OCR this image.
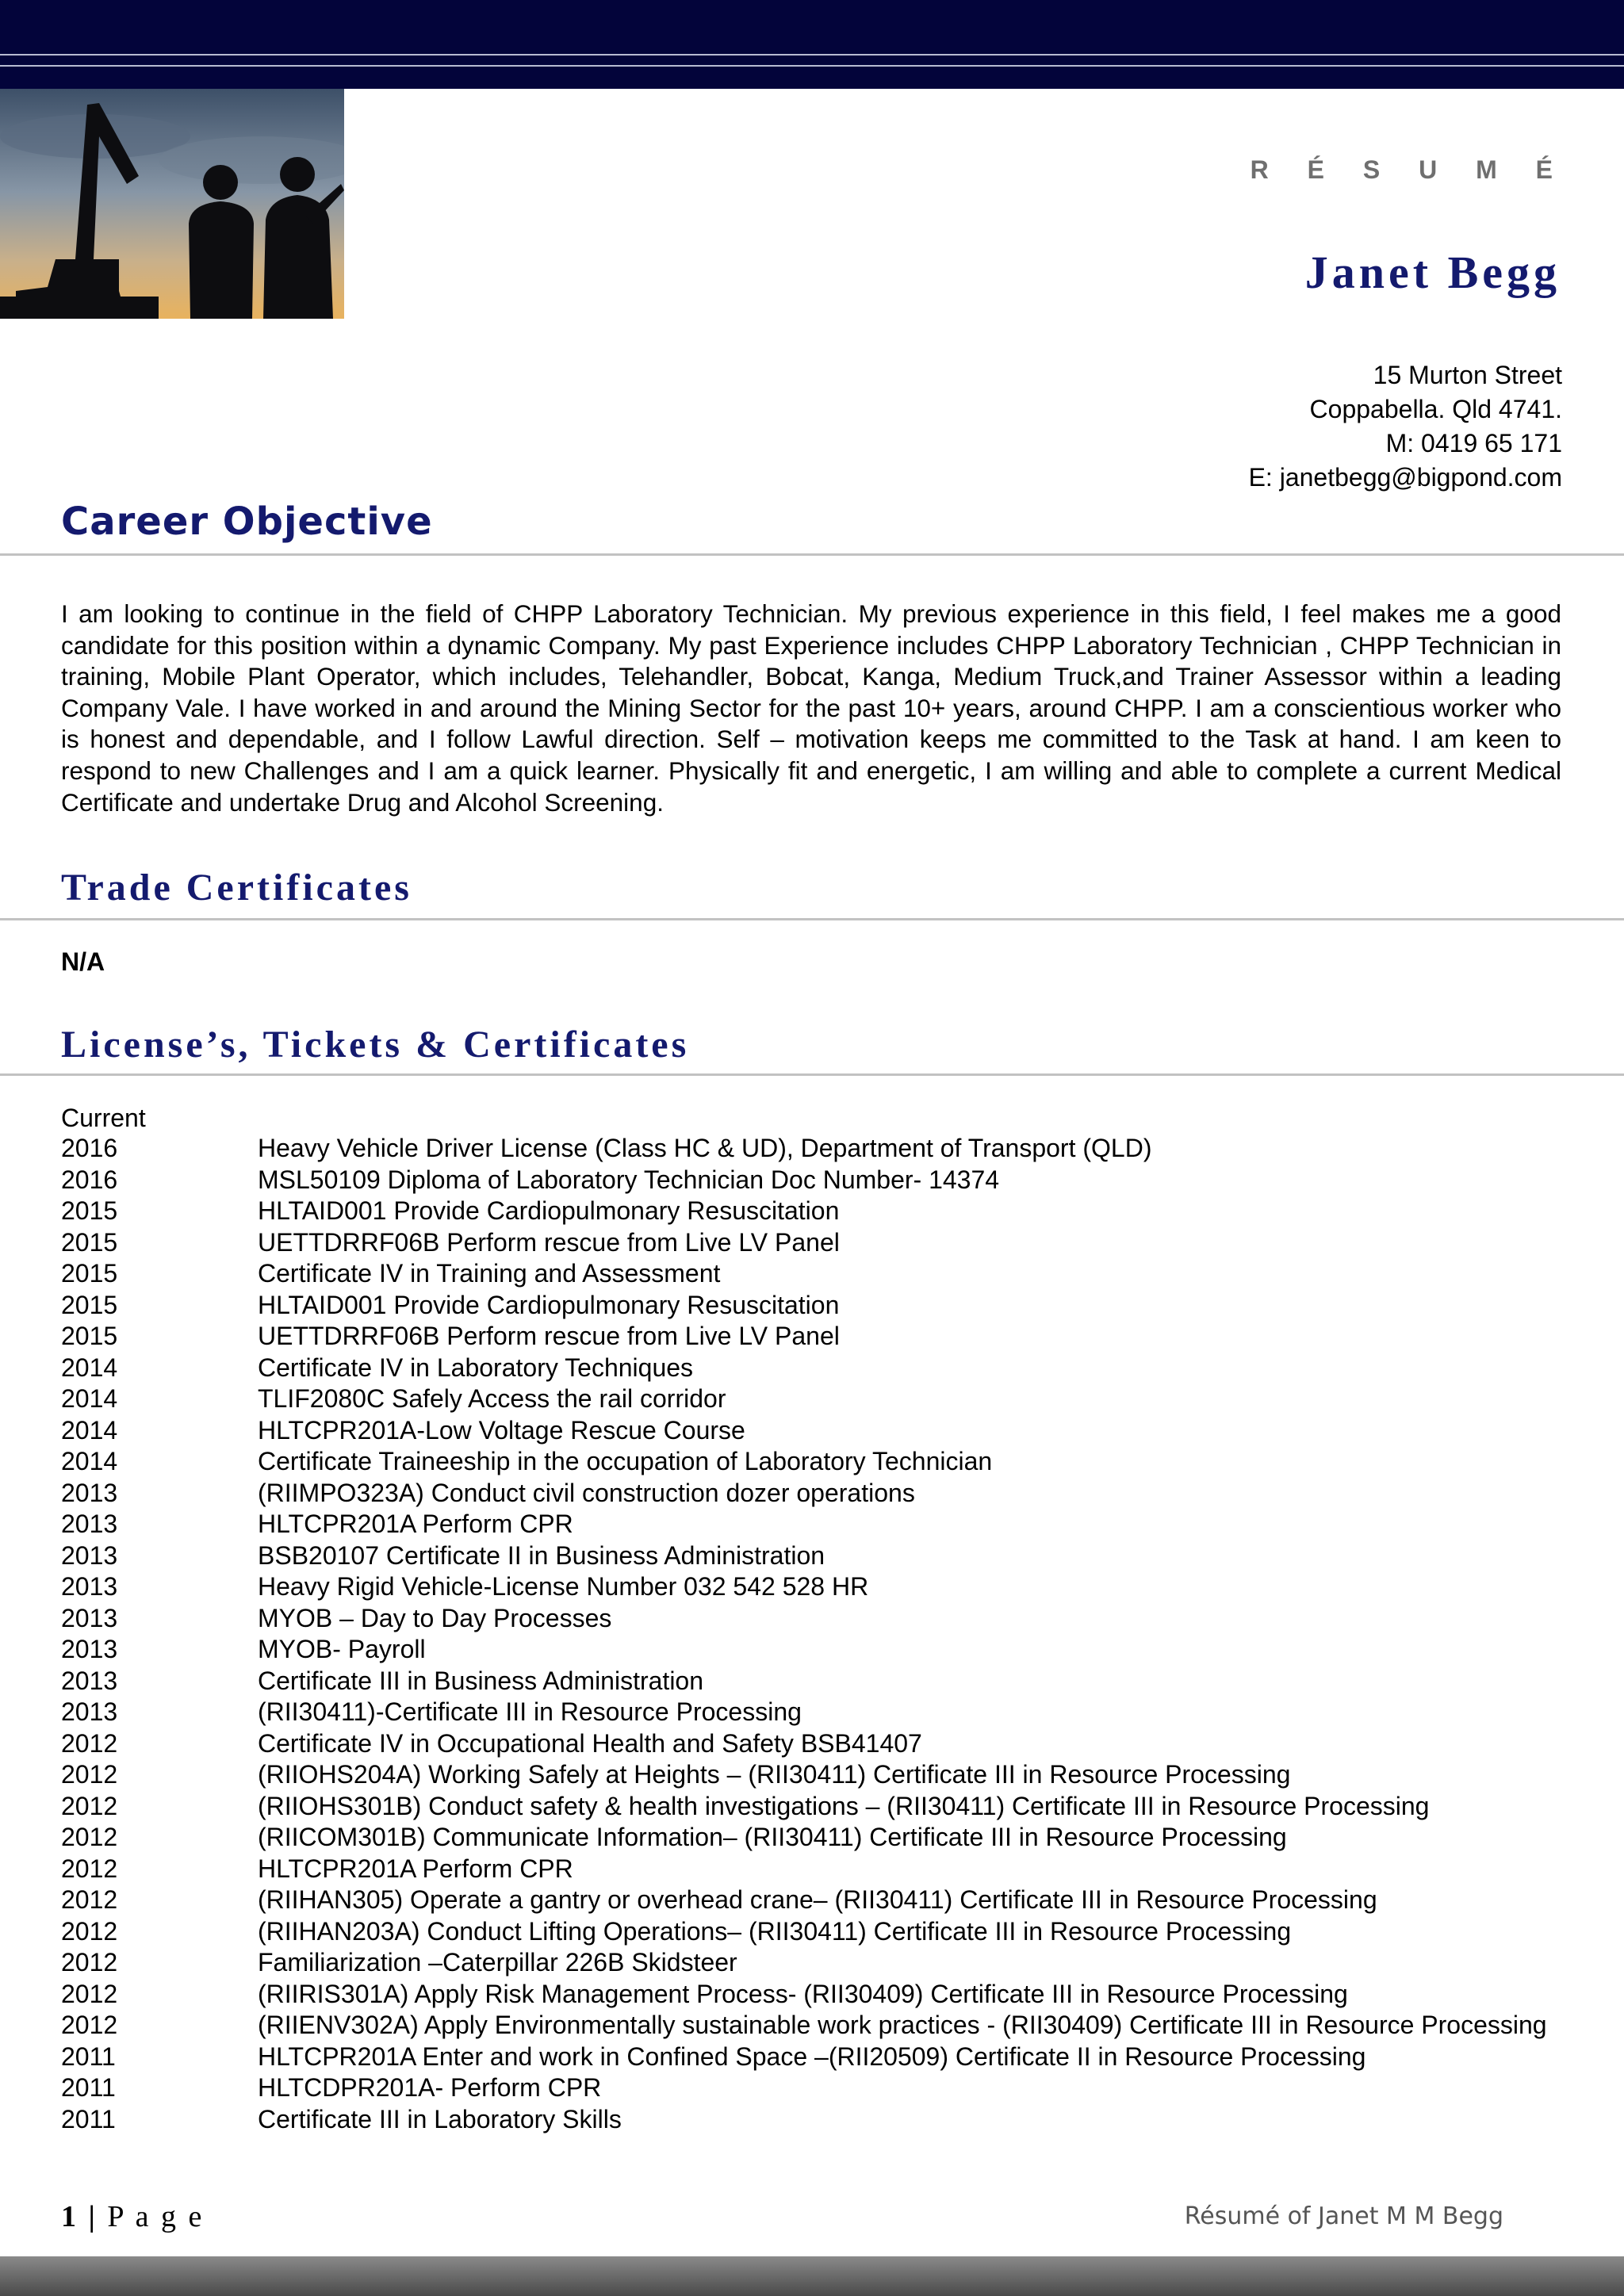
R É S U M É
Janet Begg
15 Murton Street
Coppabella. Qld 4741.
M: 0419 65 171
E: janetbegg@bigpond.com
Career Objective
I am looking to continue in the field of CHPP Laboratory Technician. My previous experience in this field, I feel makes me a good candidate for this position within a dynamic Company. My past Experience includes CHPP Laboratory Technician , CHPP Technician in training, Mobile Plant Operator, which includes, Telehandler, Bobcat, Kanga, Medium Truck,and Trainer Assessor within a leading Company Vale. I have worked in and around the Mining Sector for the past 10+ years, around CHPP. I am a conscientious worker who is honest and dependable, and I follow Lawful direction. Self – motivation keeps me committed to the Task at hand. I am keen to respond to new Challenges and I am a quick learner. Physically fit and energetic, I am willing and able to complete a current Medical Certificate and undertake Drug and Alcohol Screening.
Trade Certificates
N/A
License’s, Tickets & Certificates
Current
2016	Heavy Vehicle Driver License (Class HC & UD), Department of Transport (QLD)
2016	MSL50109 Diploma of Laboratory Technician Doc Number- 14374
2015	HLTAID001 Provide Cardiopulmonary Resuscitation
2015	UETTDRRF06B Perform rescue from Live LV Panel
2015	Certificate IV in Training and Assessment
2015	HLTAID001 Provide Cardiopulmonary Resuscitation
2015	UETTDRRF06B Perform rescue from Live LV Panel
2014	Certificate IV in Laboratory Techniques
2014	TLIF2080C Safely Access the rail corridor
2014	HLTCPR201A-Low Voltage Rescue Course
2014	Certificate Traineeship in the occupation of Laboratory Technician
2013	(RIIMPO323A) Conduct civil construction dozer operations
2013	HLTCPR201A Perform CPR
2013	BSB20107 Certificate II in Business Administration
2013	Heavy Rigid Vehicle-License Number 032 542 528 HR
2013	MYOB – Day to Day Processes
2013	MYOB- Payroll
2013	Certificate III in Business Administration
2013	(RII30411)-Certificate III in Resource Processing
2012	Certificate IV in Occupational Health and Safety BSB41407
2012	(RIIOHS204A) Working Safely at Heights – (RII30411) Certificate III in Resource Processing
2012	(RIIOHS301B) Conduct safety & health investigations – (RII30411) Certificate III in Resource Processing
2012	(RIICOM301B) Communicate Information– (RII30411) Certificate III in Resource Processing
2012	HLTCPR201A Perform CPR
2012	(RIIHAN305) Operate a gantry or overhead crane– (RII30411) Certificate III in Resource Processing
2012	(RIIHAN203A) Conduct Lifting Operations– (RII30411) Certificate III in Resource Processing
2012	Familiarization –Caterpillar 226B Skidsteer
2012	(RIIRIS301A) Apply Risk Management Process- (RII30409) Certificate III in Resource Processing
2012	(RIIENV302A) Apply Environmentally sustainable work practices - (RII30409) Certificate III in Resource Processing
2011	HLTCPR201A Enter and work in Confined Space –(RII20509) Certificate II in Resource Processing
2011	HLTCDPR201A- Perform CPR
2011	Certificate III in Laboratory Skills
1 | P a g e	Résumé of Janet M M Begg
